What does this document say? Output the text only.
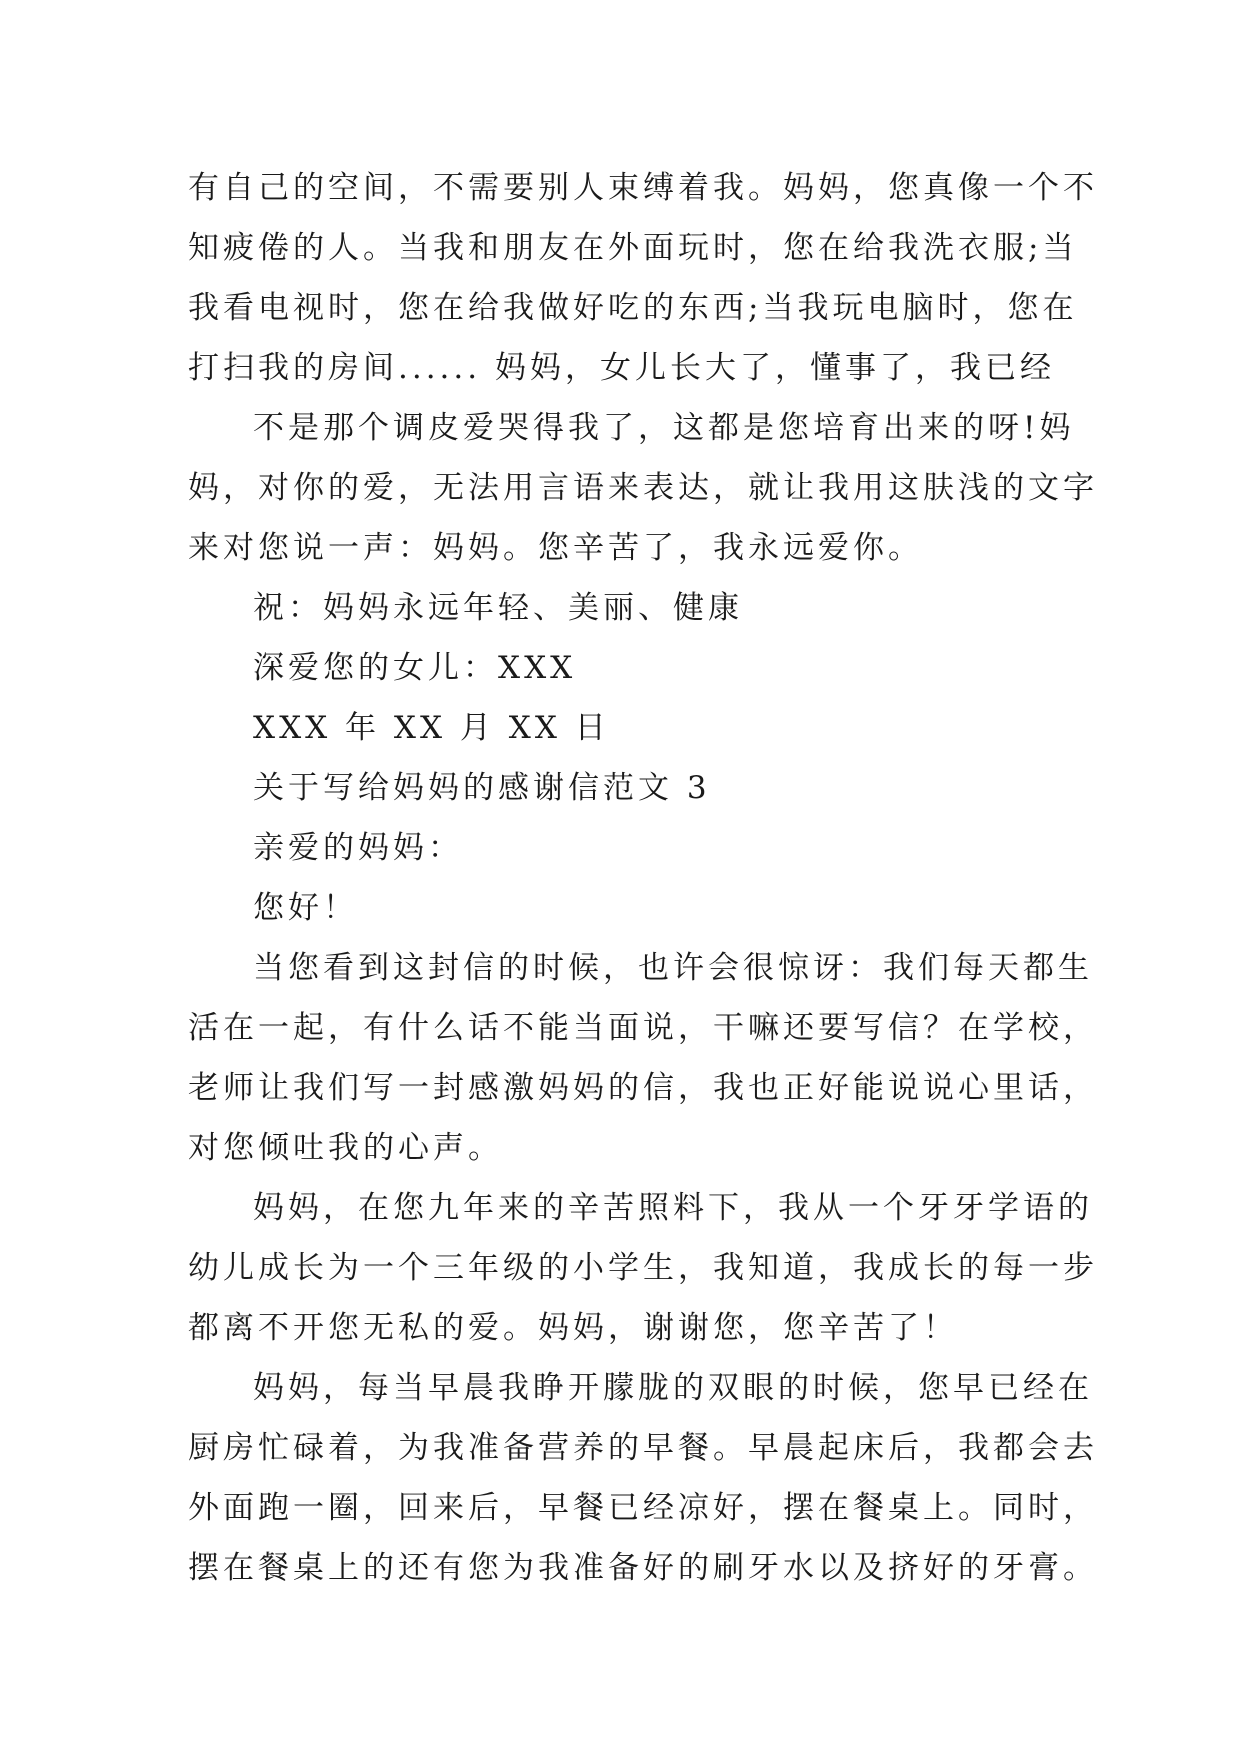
有自己的空间，不需要别人束缚着我。妈妈，您真像一个不
知疲倦的人。当我和朋友在外面玩时，您在给我洗衣服;当
我看电视时，您在给我做好吃的东西;当我玩电脑时，您在
打扫我的房间...... 妈妈，女儿长大了，懂事了，我已经
不是那个调皮爱哭得我了，这都是您培育出来的呀!妈
妈，对你的爱，无法用言语来表达，就让我用这肤浅的文字
来对您说一声：妈妈。您辛苦了，我永远爱你。
祝：妈妈永远年轻、美丽、健康
深爱您的女儿：XXX
XXX 年 XX 月 XX 日
关于写给妈妈的感谢信范文 3
亲爱的妈妈：
您好！
当您看到这封信的时候，也许会很惊讶：我们每天都生
活在一起，有什么话不能当面说，干嘛还要写信？在学校，
老师让我们写一封感激妈妈的信，我也正好能说说心里话，
对您倾吐我的心声。
妈妈，在您九年来的辛苦照料下，我从一个牙牙学语的
幼儿成长为一个三年级的小学生，我知道，我成长的每一步
都离不开您无私的爱。妈妈，谢谢您，您辛苦了！
妈妈，每当早晨我睁开朦胧的双眼的时候，您早已经在
厨房忙碌着，为我准备营养的早餐。早晨起床后，我都会去
外面跑一圈，回来后，早餐已经凉好，摆在餐桌上。同时，
摆在餐桌上的还有您为我准备好的刷牙水以及挤好的牙膏。
